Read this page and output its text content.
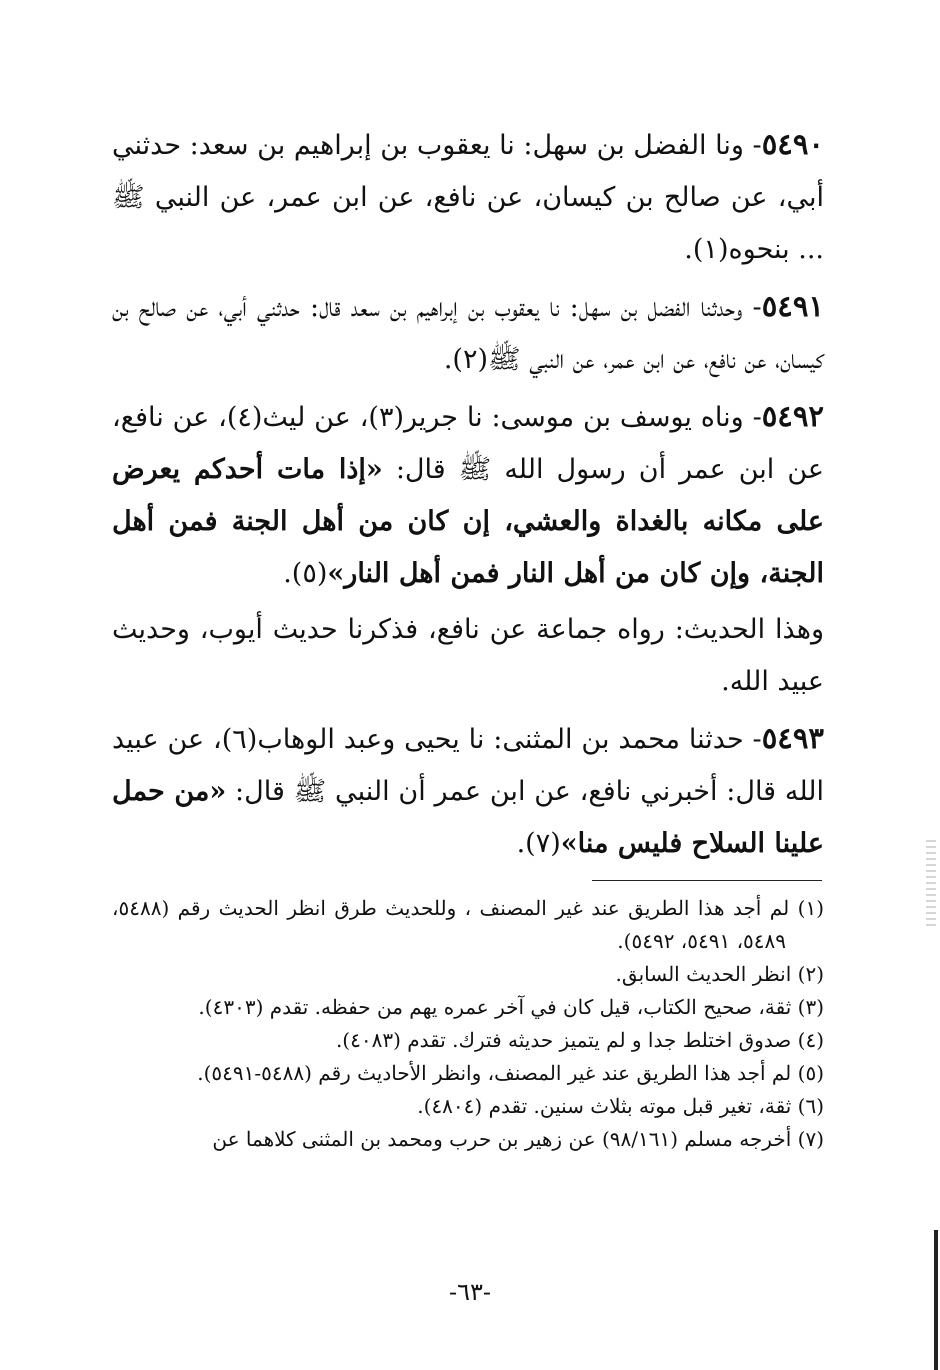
٥٤٩٠- ونا الفضل بن سهل: نا يعقوب بن إبراهيم بن سعد: حدثني أبي، عن صالح بن كيسان، عن نافع، عن ابن عمر، عن النبي ﷺ ... بنحوه(١).

٥٤٩١- وحدثنا الفضل بن سهل: نا يعقوب بن إبراهيم بن سعد قال: حدثني أبي، عن صالح بن كيسان، عن نافع، عن ابن عمر، عن النبي ﷺ(٢).

٥٤٩٢- وناه يوسف بن موسى: نا جرير(٣)، عن ليث(٤)، عن نافع، عن ابن عمر أن رسول الله ﷺ قال: «إذا مات أحدكم يعرض على مكانه بالغداة والعشي، إن كان من أهل الجنة فمن أهل الجنة، وإن كان من أهل النار فمن أهل النار»(٥).

وهذا الحديث: رواه جماعة عن نافع، فذكرنا حديث أيوب، وحديث عبيد الله.

٥٤٩٣- حدثنا محمد بن المثنى: نا يحيى وعبد الوهاب(٦)، عن عبيد الله قال: أخبرني نافع، عن ابن عمر أن النبي ﷺ قال: «من حمل علينا السلاح فليس منا»(٧).

(١) لم أجد هذا الطريق عند غير المصنف ، وللحديث طرق انظر الحديث رقم (٥٤٨٨، ٥٤٨٩، ٥٤٩١، ٥٤٩٢).

(٢) انظر الحديث السابق.

(٣) ثقة، صحيح الكتاب، قيل كان في آخر عمره يهم من حفظه. تقدم (٤٣٠٣).

(٤) صدوق اختلط جدا و لم يتميز حديثه فترك. تقدم (٤٠٨٣).

(٥) لم أجد هذا الطريق عند غير المصنف، وانظر الأحاديث رقم (٥٤٨٨-٥٤٩١).

(٦) ثقة، تغير قبل موته بثلاث سنين. تقدم (٤٨٠٤).

(٧) أخرجه مسلم (٩٨/١٦١) عن زهير بن حرب ومحمد بن المثنى كلاهما عن

-٦٣-
